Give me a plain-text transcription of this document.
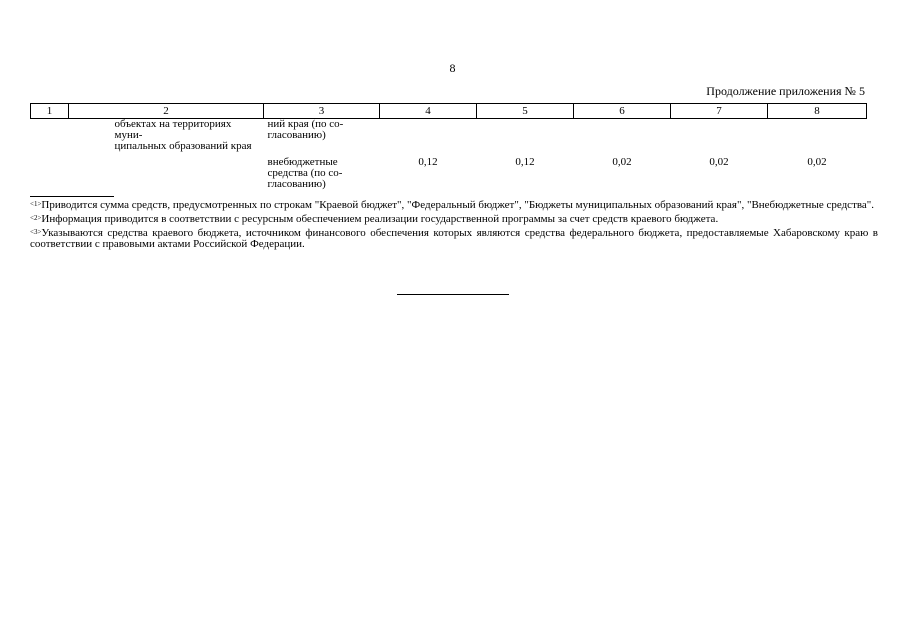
8
Продолжение приложения № 5
1	2	3	4	5	6	7	8
	объектах на территориях муни-
ципальных образований края	ний края (по со-
гласованию)					
		внебюджетные
средства (по со-
гласованию)	0,12	0,12	0,02	0,02	0,02

$^{<1>}$Приводится сумма средств, предусмотренных по строкам "Краевой бюджет", "Федеральный бюджет", "Бюджеты муниципальных образований края", "Внебюджетные средства".

$^{<2>}$Информация приводится в соответствии с ресурсным обеспечением реализации государственной программы за счет средств краевого бюджета.

$^{<3>}$Указываются средства краевого бюджета, источником финансового обеспечения которых являются средства федерального бюджета, предоставляемые Хабаровскому краю в соответствии с правовыми актами Российской Федерации.
